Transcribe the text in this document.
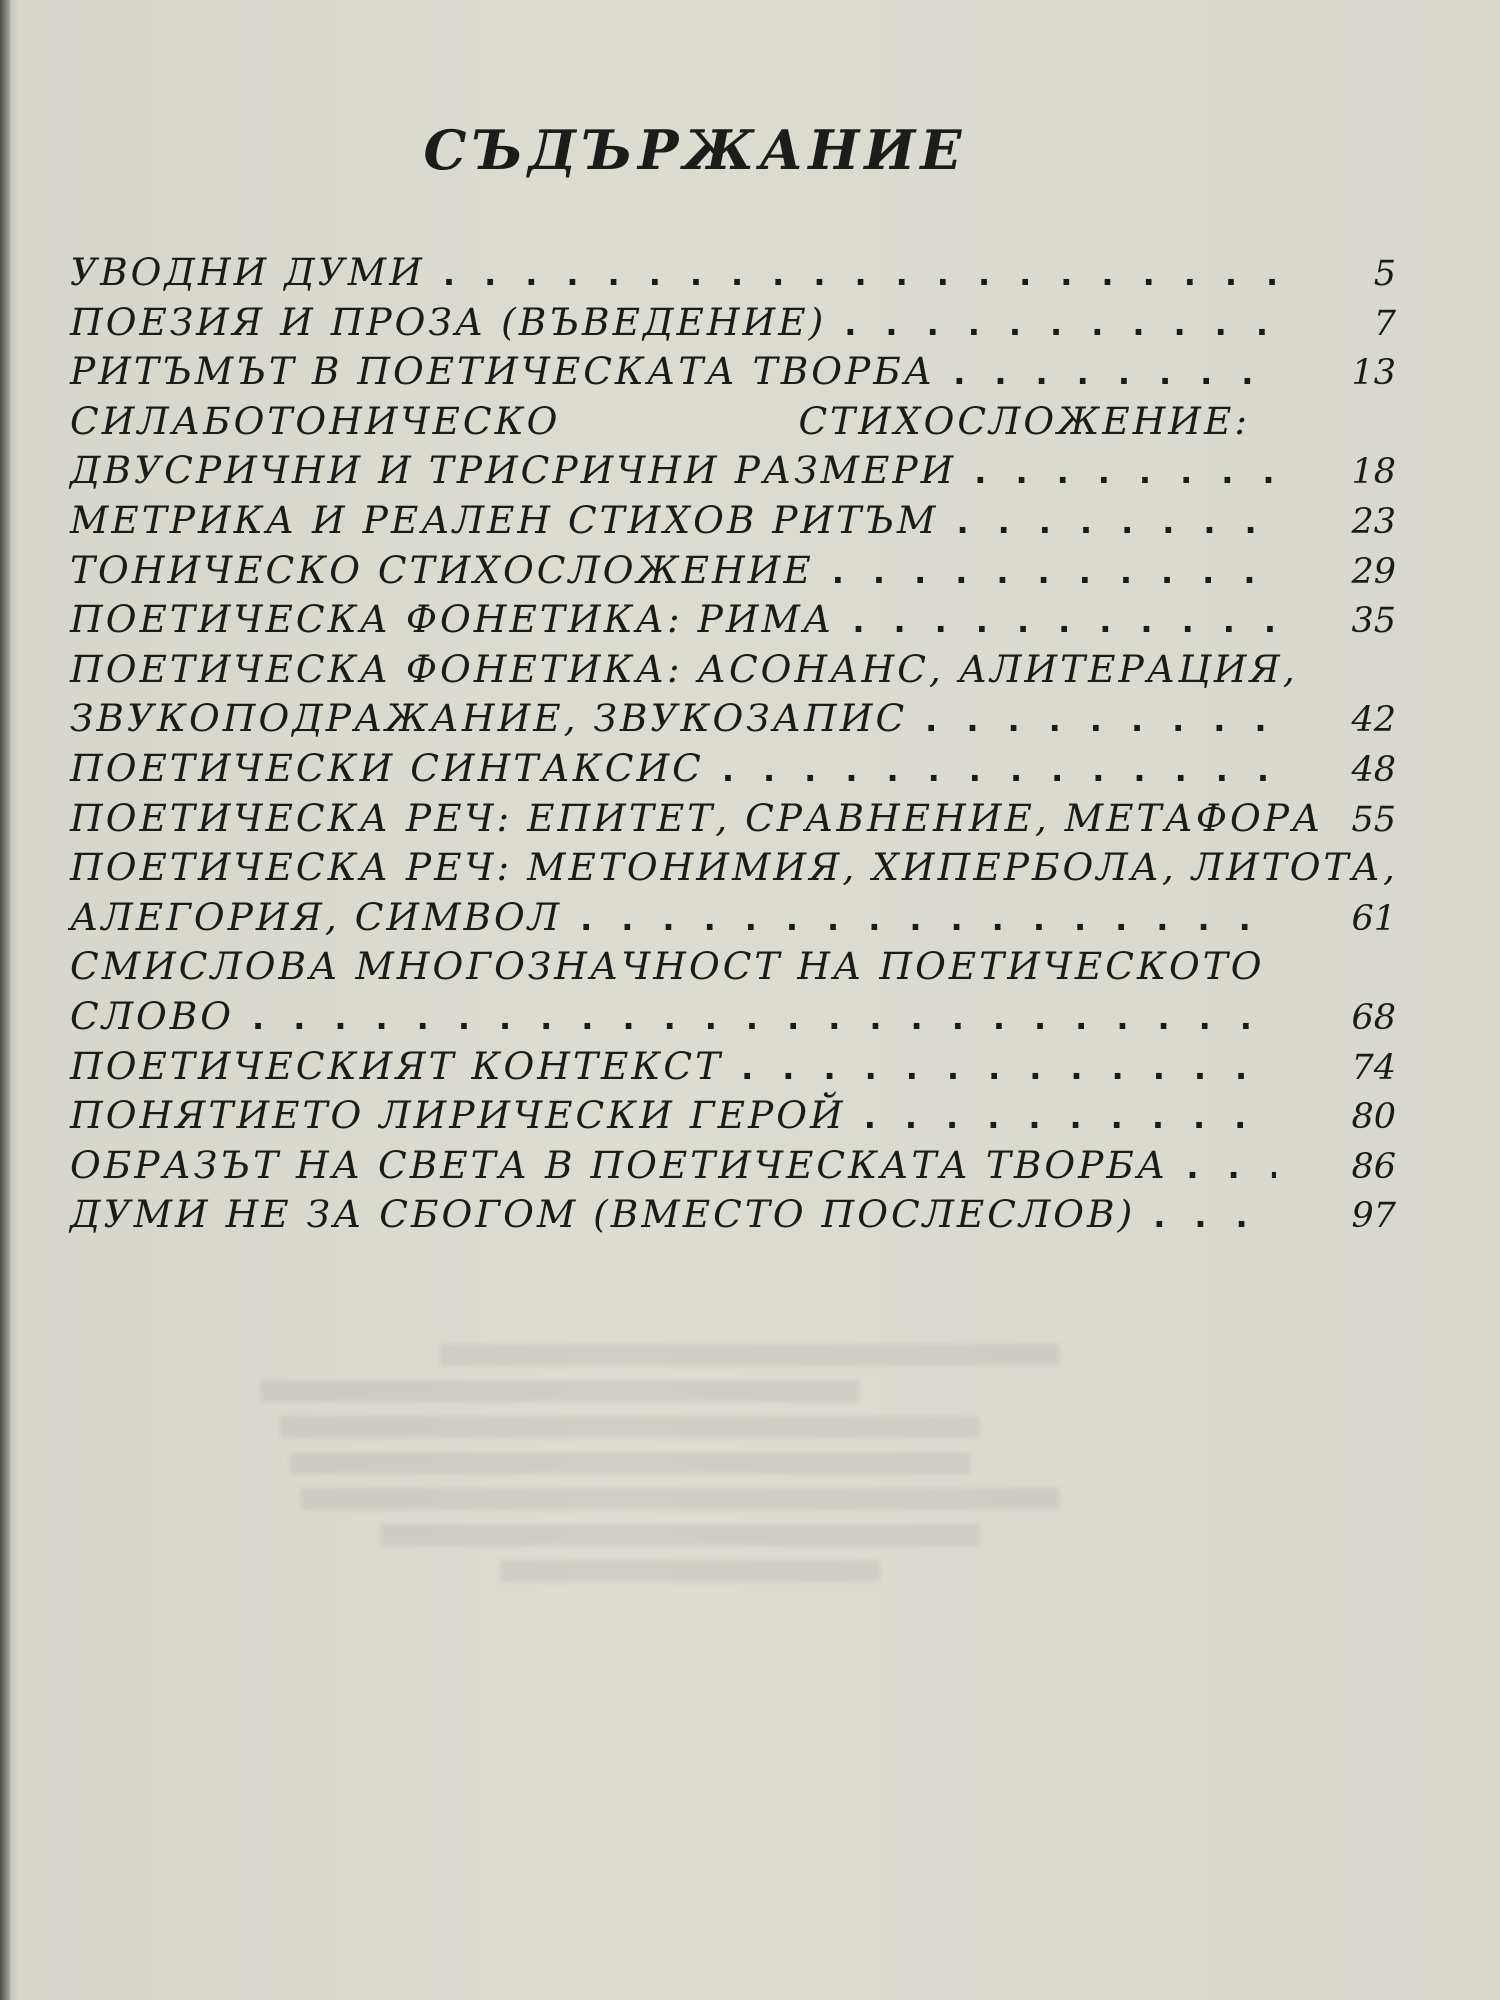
СЪДЪРЖАНИЕ
УВОДНИ ДУМИ .....	5
ПОЕЗИЯ И ПРОЗА (ВЪВЕДЕНИЕ) .....	7
РИТЪМЪТ В ПОЕТИЧЕСКАТА ТВОРБА .....	13
СИЛАБОТОНИЧЕСКО СТИХОСЛОЖЕНИЕ:
ДВУСРИЧНИ И ТРИСРИЧНИ РАЗМЕРИ .....	18
МЕТРИКА И РЕАЛЕН СТИХОВ РИТЪМ .....	23
ТОНИЧЕСКО СТИХОСЛОЖЕНИЕ .....	29
ПОЕТИЧЕСКА ФОНЕТИКА: РИМА .....	35
ПОЕТИЧЕСКА ФОНЕТИКА: АСОНАНС, АЛИТЕРАЦИЯ,
ЗВУКОПОДРАЖАНИЕ, ЗВУКОЗАПИС .....	42
ПОЕТИЧЕСКИ СИНТАКСИС .....	48
ПОЕТИЧЕСКА РЕЧ: ЕПИТЕТ, СРАВНЕНИЕ, МЕТАФОРА 55
ПОЕТИЧЕСКА РЕЧ: МЕТОНИМИЯ, ХИПЕРБОЛА, ЛИТОТА,
АЛЕГОРИЯ, СИМВОЛ .....	61
СМИСЛОВА МНОГОЗНАЧНОСТ НА ПОЕТИЧЕСКОТО
СЛОВО .....	68
ПОЕТИЧЕСКИЯТ КОНТЕКСТ .....	74
ПОНЯТИЕТО ЛИРИЧЕСКИ ГЕРОЙ .....	80
ОБРАЗЪТ НА СВЕТА В ПОЕТИЧЕСКАТА ТВОРБА .....	86
ДУМИ НЕ ЗА СБОГОМ (ВМЕСТО ПОСЛЕСЛОВ) .....	97
